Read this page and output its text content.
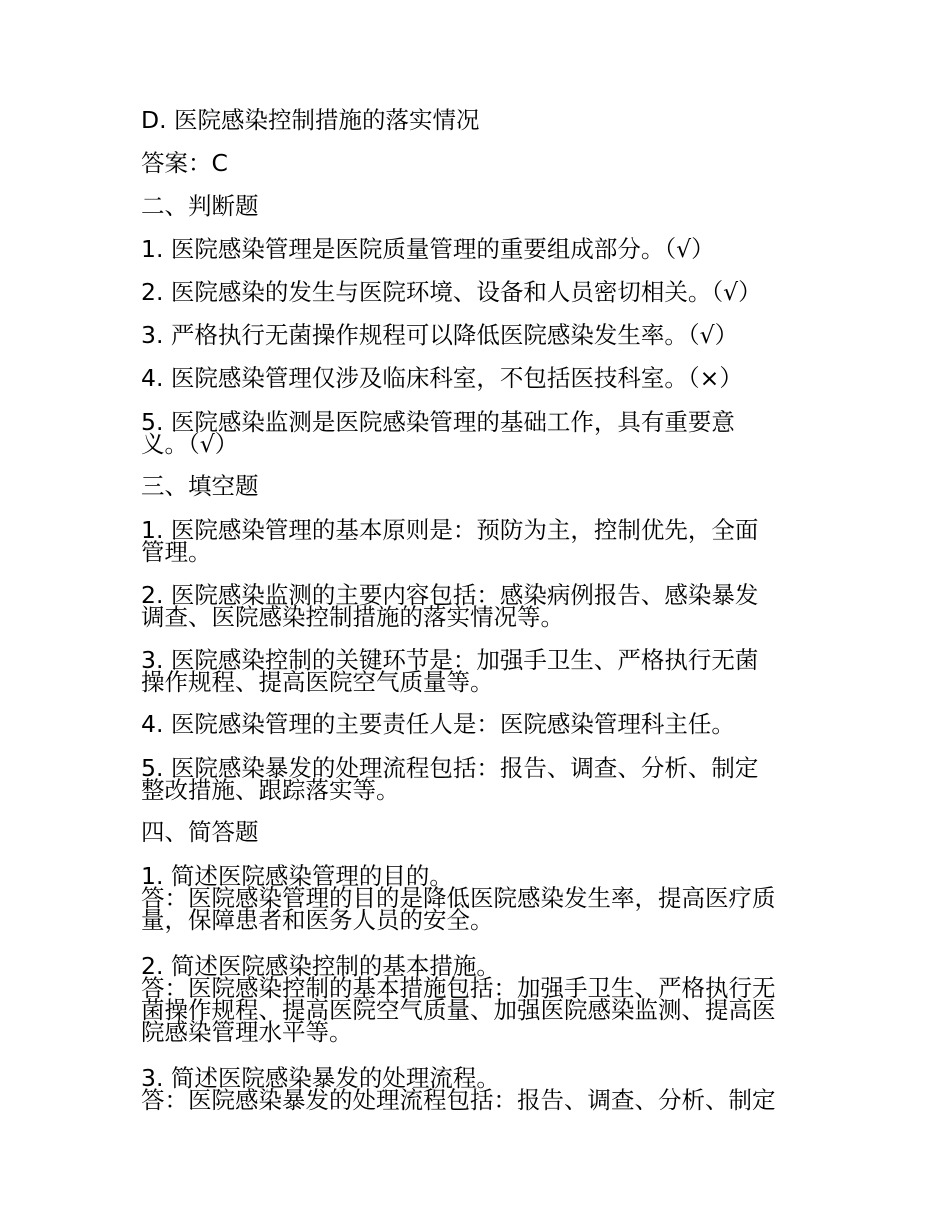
D. 医院感染控制措施的落实情况
答案：C
二、判断题
1. 医院感染管理是医院质量管理的重要组成部分。（√）
2. 医院感染的发生与医院环境、设备和人员密切相关。（√）
3. 严格执行无菌操作规程可以降低医院感染发生率。（√）
4. 医院感染管理仅涉及临床科室，不包括医技科室。（×）
5. 医院感染监测是医院感染管理的基础工作，具有重要意
义。（√）
三、填空题
1. 医院感染管理的基本原则是：预防为主，控制优先，全面
管理。
2. 医院感染监测的主要内容包括：感染病例报告、感染暴发
调查、医院感染控制措施的落实情况等。
3. 医院感染控制的关键环节是：加强手卫生、严格执行无菌
操作规程、提高医院空气质量等。
4. 医院感染管理的主要责任人是：医院感染管理科主任。
5. 医院感染暴发的处理流程包括：报告、调查、分析、制定
整改措施、跟踪落实等。
四、简答题
1. 简述医院感染管理的目的。
答：医院感染管理的目的是降低医院感染发生率，提高医疗质
量，保障患者和医务人员的安全。
2. 简述医院感染控制的基本措施。
答：医院感染控制的基本措施包括：加强手卫生、严格执行无
菌操作规程、提高医院空气质量、加强医院感染监测、提高医
院感染管理水平等。
3. 简述医院感染暴发的处理流程。
答：医院感染暴发的处理流程包括：报告、调查、分析、制定
